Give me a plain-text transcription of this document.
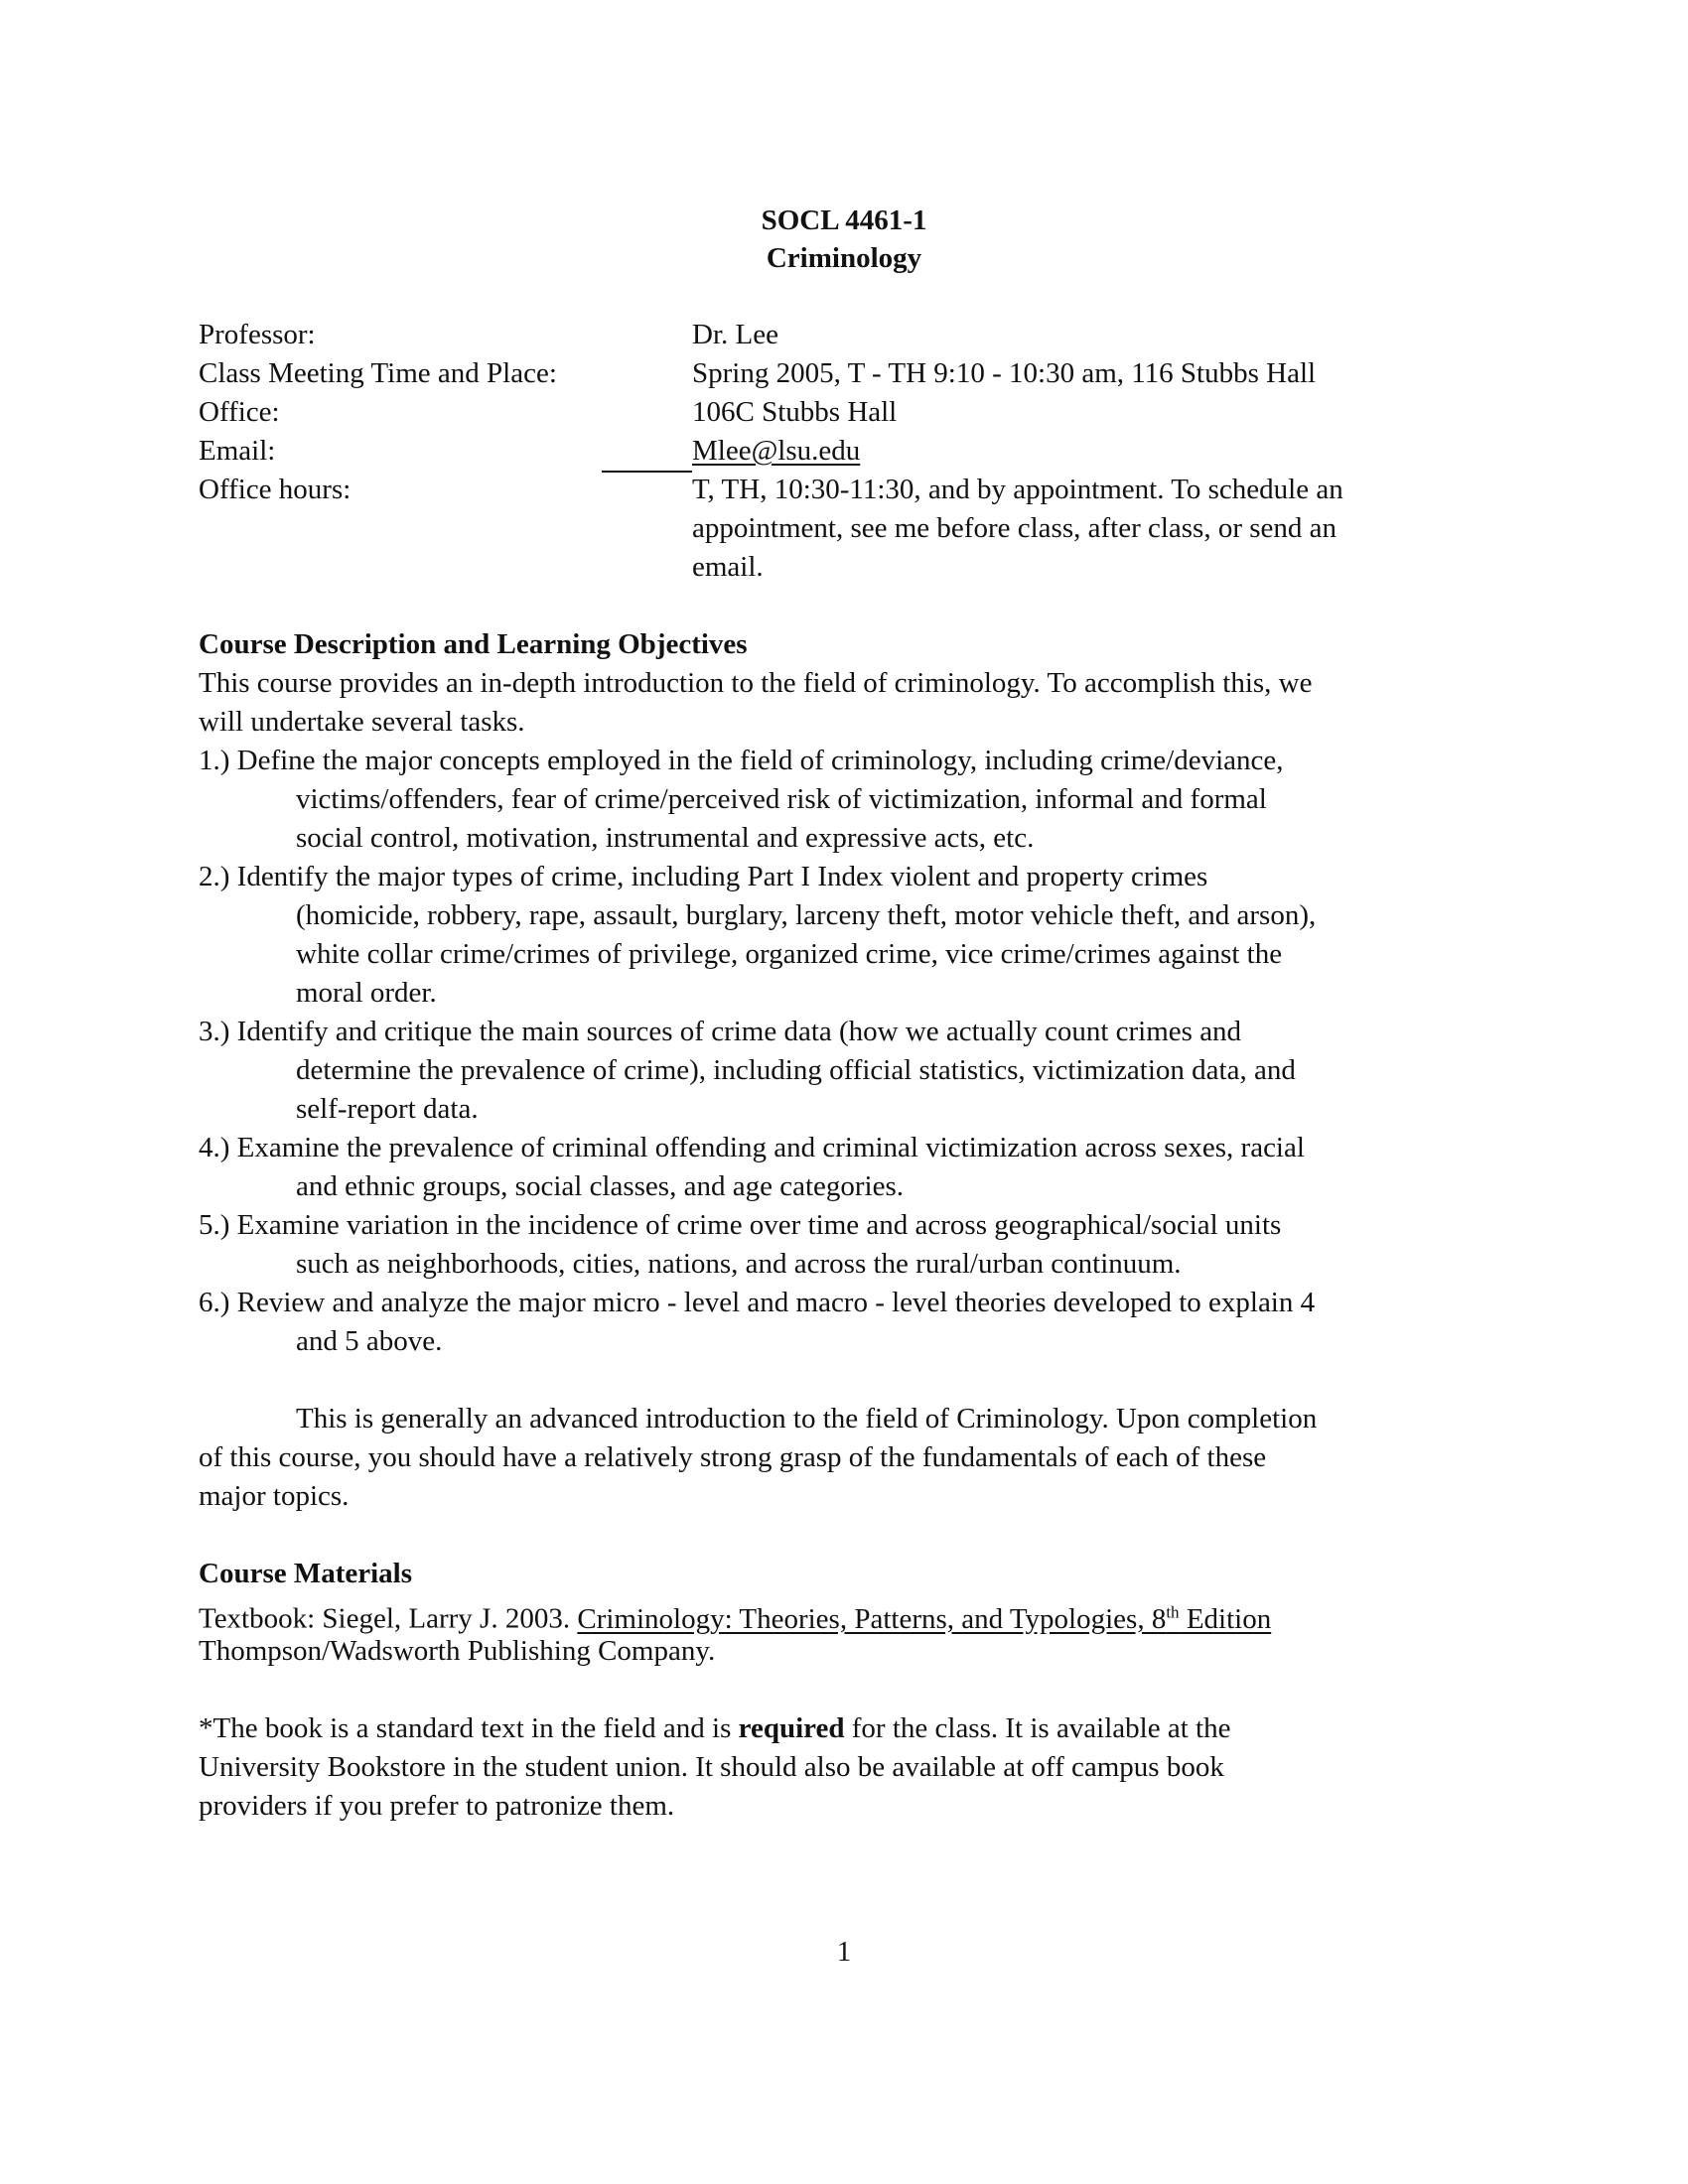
SOCL 4461-1
Criminology
Professor:	Dr. Lee
Class Meeting Time and Place:	Spring 2005, T - TH 9:10 - 10:30 am, 116 Stubbs Hall
Office:	106C Stubbs Hall
Email:	Mlee@lsu.edu
Office hours:	T, TH, 10:30-11:30, and by appointment. To schedule an
appointment, see me before class, after class, or send an
email.
Course Description and Learning Objectives
This course provides an in-depth introduction to the field of criminology. To accomplish this, we
will undertake several tasks.
1.) Define the major concepts employed in the field of criminology, including crime/deviance,
victims/offenders, fear of crime/perceived risk of victimization, informal and formal
social control, motivation, instrumental and expressive acts, etc.
2.) Identify the major types of crime, including Part I Index violent and property crimes
(homicide, robbery, rape, assault, burglary, larceny theft, motor vehicle theft, and arson),
white collar crime/crimes of privilege, organized crime, vice crime/crimes against the
moral order.
3.) Identify and critique the main sources of crime data (how we actually count crimes and
determine the prevalence of crime), including official statistics, victimization data, and
self-report data.
4.) Examine the prevalence of criminal offending and criminal victimization across sexes, racial
and ethnic groups, social classes, and age categories.
5.) Examine variation in the incidence of crime over time and across geographical/social units
such as neighborhoods, cities, nations, and across the rural/urban continuum.
6.) Review and analyze the major micro - level and macro - level theories developed to explain 4
and 5 above.
This is generally an advanced introduction to the field of Criminology. Upon completion
of this course, you should have a relatively strong grasp of the fundamentals of each of these
major topics.
Course Materials
Textbook: Siegel, Larry J. 2003. Criminology: Theories, Patterns, and Typologies, 8th Edition
Thompson/Wadsworth Publishing Company.
*The book is a standard text in the field and is required for the class. It is available at the
University Bookstore in the student union. It should also be available at off campus book
providers if you prefer to patronize them.
1
